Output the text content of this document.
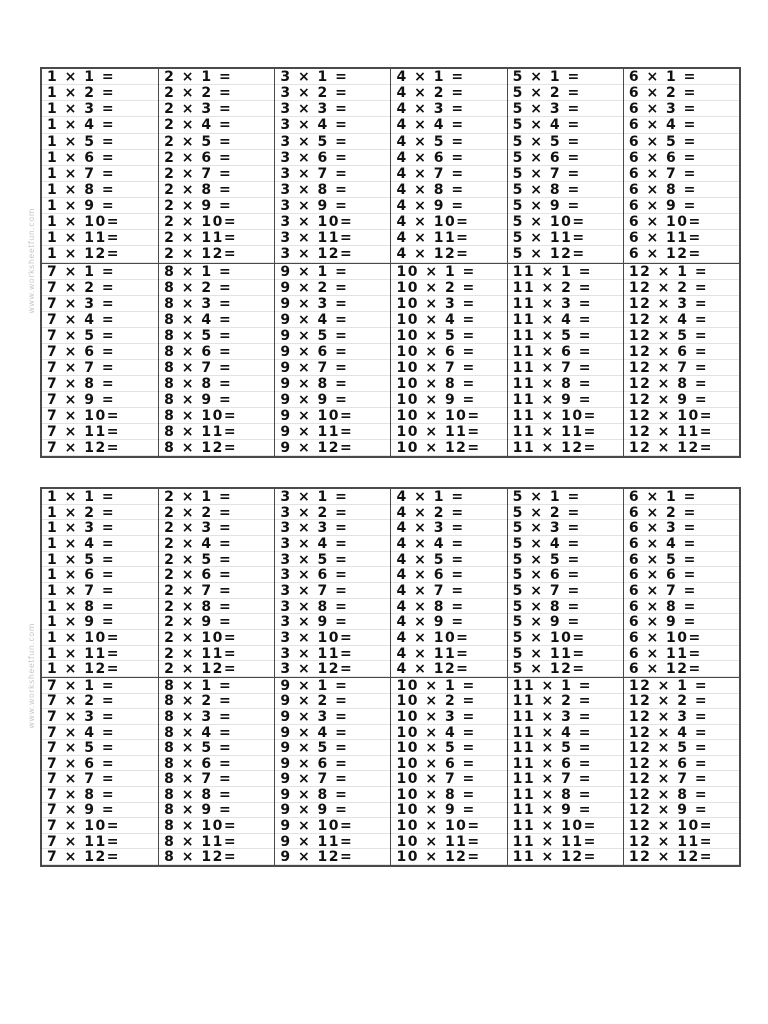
www.worksheetfun.com
www.worksheetfun.com
1 × 1 =
1 × 2 =
1 × 3 =
1 × 4 =
1 × 5 =
1 × 6 =
1 × 7 =
1 × 8 =
1 × 9 =
1 × 10=
1 × 11=
1 × 12=
2 × 1 =
2 × 2 =
2 × 3 =
2 × 4 =
2 × 5 =
2 × 6 =
2 × 7 =
2 × 8 =
2 × 9 =
2 × 10=
2 × 11=
2 × 12=
3 × 1 =
3 × 2 =
3 × 3 =
3 × 4 =
3 × 5 =
3 × 6 =
3 × 7 =
3 × 8 =
3 × 9 =
3 × 10=
3 × 11=
3 × 12=
4 × 1 =
4 × 2 =
4 × 3 =
4 × 4 =
4 × 5 =
4 × 6 =
4 × 7 =
4 × 8 =
4 × 9 =
4 × 10=
4 × 11=
4 × 12=
5 × 1 =
5 × 2 =
5 × 3 =
5 × 4 =
5 × 5 =
5 × 6 =
5 × 7 =
5 × 8 =
5 × 9 =
5 × 10=
5 × 11=
5 × 12=
6 × 1 =
6 × 2 =
6 × 3 =
6 × 4 =
6 × 5 =
6 × 6 =
6 × 7 =
6 × 8 =
6 × 9 =
6 × 10=
6 × 11=
6 × 12=
7 × 1 =
7 × 2 =
7 × 3 =
7 × 4 =
7 × 5 =
7 × 6 =
7 × 7 =
7 × 8 =
7 × 9 =
7 × 10=
7 × 11=
7 × 12=
8 × 1 =
8 × 2 =
8 × 3 =
8 × 4 =
8 × 5 =
8 × 6 =
8 × 7 =
8 × 8 =
8 × 9 =
8 × 10=
8 × 11=
8 × 12=
9 × 1 =
9 × 2 =
9 × 3 =
9 × 4 =
9 × 5 =
9 × 6 =
9 × 7 =
9 × 8 =
9 × 9 =
9 × 10=
9 × 11=
9 × 12=
10 × 1 =
10 × 2 =
10 × 3 =
10 × 4 =
10 × 5 =
10 × 6 =
10 × 7 =
10 × 8 =
10 × 9 =
10 × 10=
10 × 11=
10 × 12=
11 × 1 =
11 × 2 =
11 × 3 =
11 × 4 =
11 × 5 =
11 × 6 =
11 × 7 =
11 × 8 =
11 × 9 =
11 × 10=
11 × 11=
11 × 12=
12 × 1 =
12 × 2 =
12 × 3 =
12 × 4 =
12 × 5 =
12 × 6 =
12 × 7 =
12 × 8 =
12 × 9 =
12 × 10=
12 × 11=
12 × 12=
1 × 1 =
1 × 2 =
1 × 3 =
1 × 4 =
1 × 5 =
1 × 6 =
1 × 7 =
1 × 8 =
1 × 9 =
1 × 10=
1 × 11=
1 × 12=
2 × 1 =
2 × 2 =
2 × 3 =
2 × 4 =
2 × 5 =
2 × 6 =
2 × 7 =
2 × 8 =
2 × 9 =
2 × 10=
2 × 11=
2 × 12=
3 × 1 =
3 × 2 =
3 × 3 =
3 × 4 =
3 × 5 =
3 × 6 =
3 × 7 =
3 × 8 =
3 × 9 =
3 × 10=
3 × 11=
3 × 12=
4 × 1 =
4 × 2 =
4 × 3 =
4 × 4 =
4 × 5 =
4 × 6 =
4 × 7 =
4 × 8 =
4 × 9 =
4 × 10=
4 × 11=
4 × 12=
5 × 1 =
5 × 2 =
5 × 3 =
5 × 4 =
5 × 5 =
5 × 6 =
5 × 7 =
5 × 8 =
5 × 9 =
5 × 10=
5 × 11=
5 × 12=
6 × 1 =
6 × 2 =
6 × 3 =
6 × 4 =
6 × 5 =
6 × 6 =
6 × 7 =
6 × 8 =
6 × 9 =
6 × 10=
6 × 11=
6 × 12=
7 × 1 =
7 × 2 =
7 × 3 =
7 × 4 =
7 × 5 =
7 × 6 =
7 × 7 =
7 × 8 =
7 × 9 =
7 × 10=
7 × 11=
7 × 12=
8 × 1 =
8 × 2 =
8 × 3 =
8 × 4 =
8 × 5 =
8 × 6 =
8 × 7 =
8 × 8 =
8 × 9 =
8 × 10=
8 × 11=
8 × 12=
9 × 1 =
9 × 2 =
9 × 3 =
9 × 4 =
9 × 5 =
9 × 6 =
9 × 7 =
9 × 8 =
9 × 9 =
9 × 10=
9 × 11=
9 × 12=
10 × 1 =
10 × 2 =
10 × 3 =
10 × 4 =
10 × 5 =
10 × 6 =
10 × 7 =
10 × 8 =
10 × 9 =
10 × 10=
10 × 11=
10 × 12=
11 × 1 =
11 × 2 =
11 × 3 =
11 × 4 =
11 × 5 =
11 × 6 =
11 × 7 =
11 × 8 =
11 × 9 =
11 × 10=
11 × 11=
11 × 12=
12 × 1 =
12 × 2 =
12 × 3 =
12 × 4 =
12 × 5 =
12 × 6 =
12 × 7 =
12 × 8 =
12 × 9 =
12 × 10=
12 × 11=
12 × 12=
